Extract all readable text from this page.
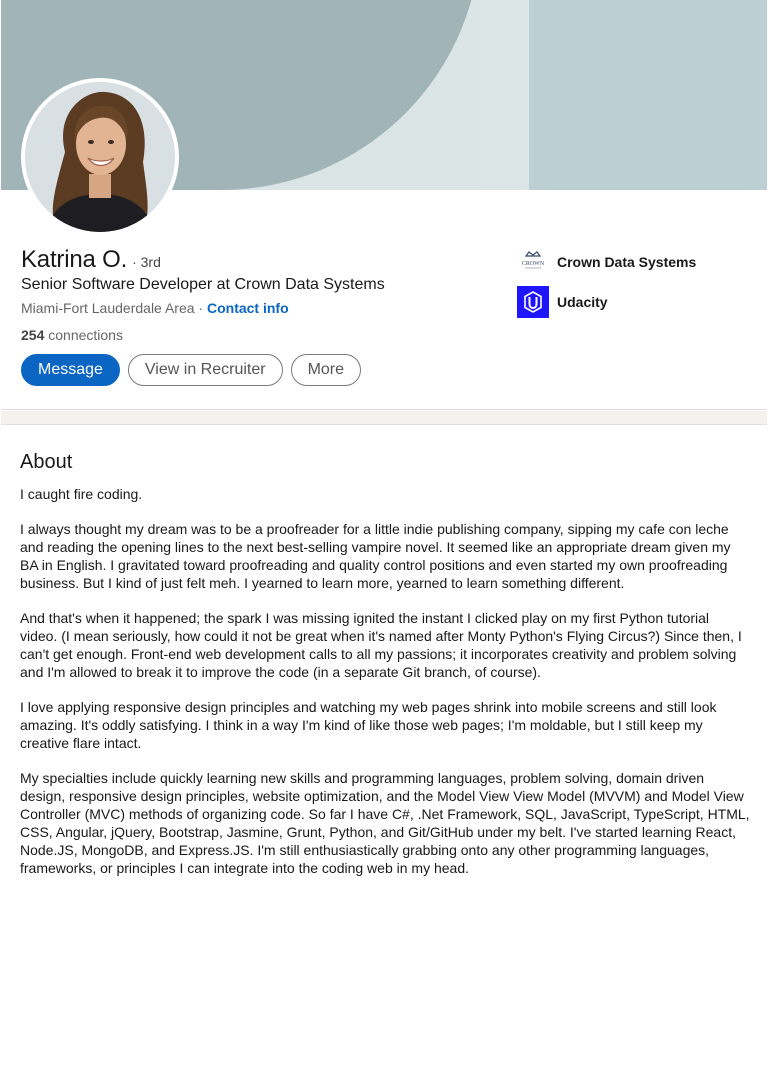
Katrina O. · 3rd
Senior Software Developer at Crown Data Systems
Miami-Fort Lauderdale Area · Contact info
254 connections
Message	View in Recruiter	More
CROWN Crown Data Systems
Udacity
About

I caught fire coding.

I always thought my dream was to be a proofreader for a little indie publishing company, sipping my cafe con leche and reading the opening lines to the next best-selling vampire novel. It seemed like an appropriate dream given my BA in English. I gravitated toward proofreading and quality control positions and even started my own proofreading business. But I kind of just felt meh. I yearned to learn more, yearned to learn something different.

And that's when it happened; the spark I was missing ignited the instant I clicked play on my first Python tutorial video. (I mean seriously, how could it not be great when it's named after Monty Python's Flying Circus?) Since then, I can't get enough. Front-end web development calls to all my passions; it incorporates creativity and problem solving and I'm allowed to break it to improve the code (in a separate Git branch, of course).

I love applying responsive design principles and watching my web pages shrink into mobile screens and still look amazing. It's oddly satisfying. I think in a way I'm kind of like those web pages; I'm moldable, but I still keep my creative flare intact.

My specialties include quickly learning new skills and programming languages, problem solving, domain driven design, responsive design principles, website optimization, and the Model View View Model (MVVM) and Model View Controller (MVC) methods of organizing code. So far I have C#, .Net Framework, SQL, JavaScript, TypeScript, HTML, CSS, Angular, jQuery, Bootstrap, Jasmine, Grunt, Python, and Git/GitHub under my belt. I've started learning React, Node.JS, MongoDB, and Express.JS. I'm still enthusiastically grabbing onto any other programming languages, frameworks, or principles I can integrate into the coding web in my head.
